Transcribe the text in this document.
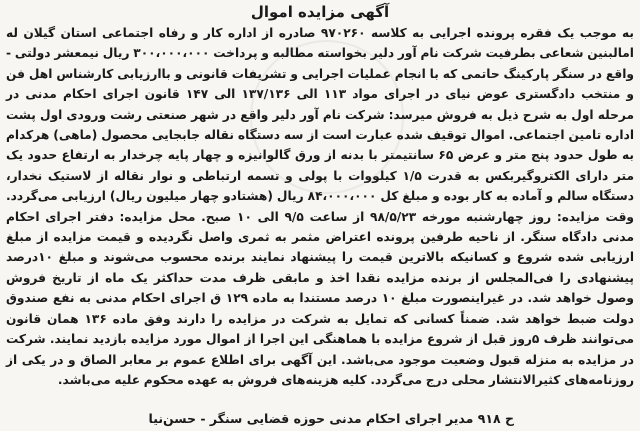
آگهی مزایده اموال

به موجب یک فقره پرونده اجرایی به کلاسه ۹۷۰۲۶۰ صادره از اداره کار و رفاه اجتماعی استان گیلان له امالبنین شعاعی بطرفیت شرکت نام آور دلیر بخواسته مطالبه و پرداخت ۳۰۰،۰۰۰،۰۰۰ ریال نیمعشر دولتی - واقع در سنگر پارکینگ حاتمی که با انجام عملیات اجرایی و تشریفات قانونی و باارزیابی کارشناس اهل فن و منتخب دادگستری عوض نیای در اجرای مواد ۱۱۳ الی ۱۳۷/۱۳۶ الی ۱۴۷ قانون اجرای احکام مدنی در مرحله اول به شرح ذیل به فروش میرسد: شرکت نام آور دلیر واقع در شهر صنعتی رشت ورودی اول پشت اداره تامین اجتماعی. اموال توقیف شده عبارت است از سه دستگاه نقاله جابجایی محصول (ماهی) هرکدام به طول حدود پنج متر و عرض ۶۵ سانتیمتر با بدنه از ورق گالوانیزه و چهار پایه چرخدار به ارتفاع حدود یک متر دارای الکتروگیربکس به قدرت ۱/۵ کیلووات با پولی و تسمه ارتباطی و نوار نقاله از لاستیک نخدار، دستگاه سالم و آماده به کار بوده و مبلغ کل ۸۴،۰۰۰،۰۰۰ ریال (هشتادو چهار میلیون ریال) ارزیابی می‌گردد. وقت مزایده: روز چهارشنبه مورخه ۹۸/۵/۲۳ از ساعت ۹/۵ الی ۱۰ صبح. محل مزایده: دفتر اجرای احکام مدنی دادگاه سنگر. از ناحیه طرفین پرونده اعتراض مثمر به ثمری واصل نگردیده و قیمت مزایده از مبلغ ارزیابی شده شروع و کسانیکه بالاترین قیمت را پیشنهاد نمایند برنده محسوب می‌شوند و مبلغ ۱۰درصد پیشنهادی را فی‌المجلس از برنده مزایده نقدا اخذ و مابقی ظرف مدت حداکثر یک ماه از تاریخ فروش وصول خواهد شد. در غیراینصورت مبلغ ۱۰ درصد مستندا به ماده ۱۲۹ ق اجرای احکام مدنی به نفع صندوق دولت ضبط خواهد شد. ضمناً کسانی که تمایل به شرکت در مزایده را دارند وفق ماده ۱۳۶ همان قانون می‌توانند ظرف ۵روز قبل از شروع مزایده با هماهنگی این اجرا از اموال مورد مزایده بازدید نمایند. شرکت در مزایده به منزله قبول وضعیت موجود می‌باشد. این آگهی برای اطلاع عموم بر معابر الصاق و در یکی از روزنامه‌های کثیرالانتشار محلی درج می‌گردد. کلیه هزینه‌های فروش به عهده محکوم علیه می‌باشد.

ح ۹۱۸ مدیر اجرای احکام مدنی حوزه قضایی سنگر - حسن‌نیا
